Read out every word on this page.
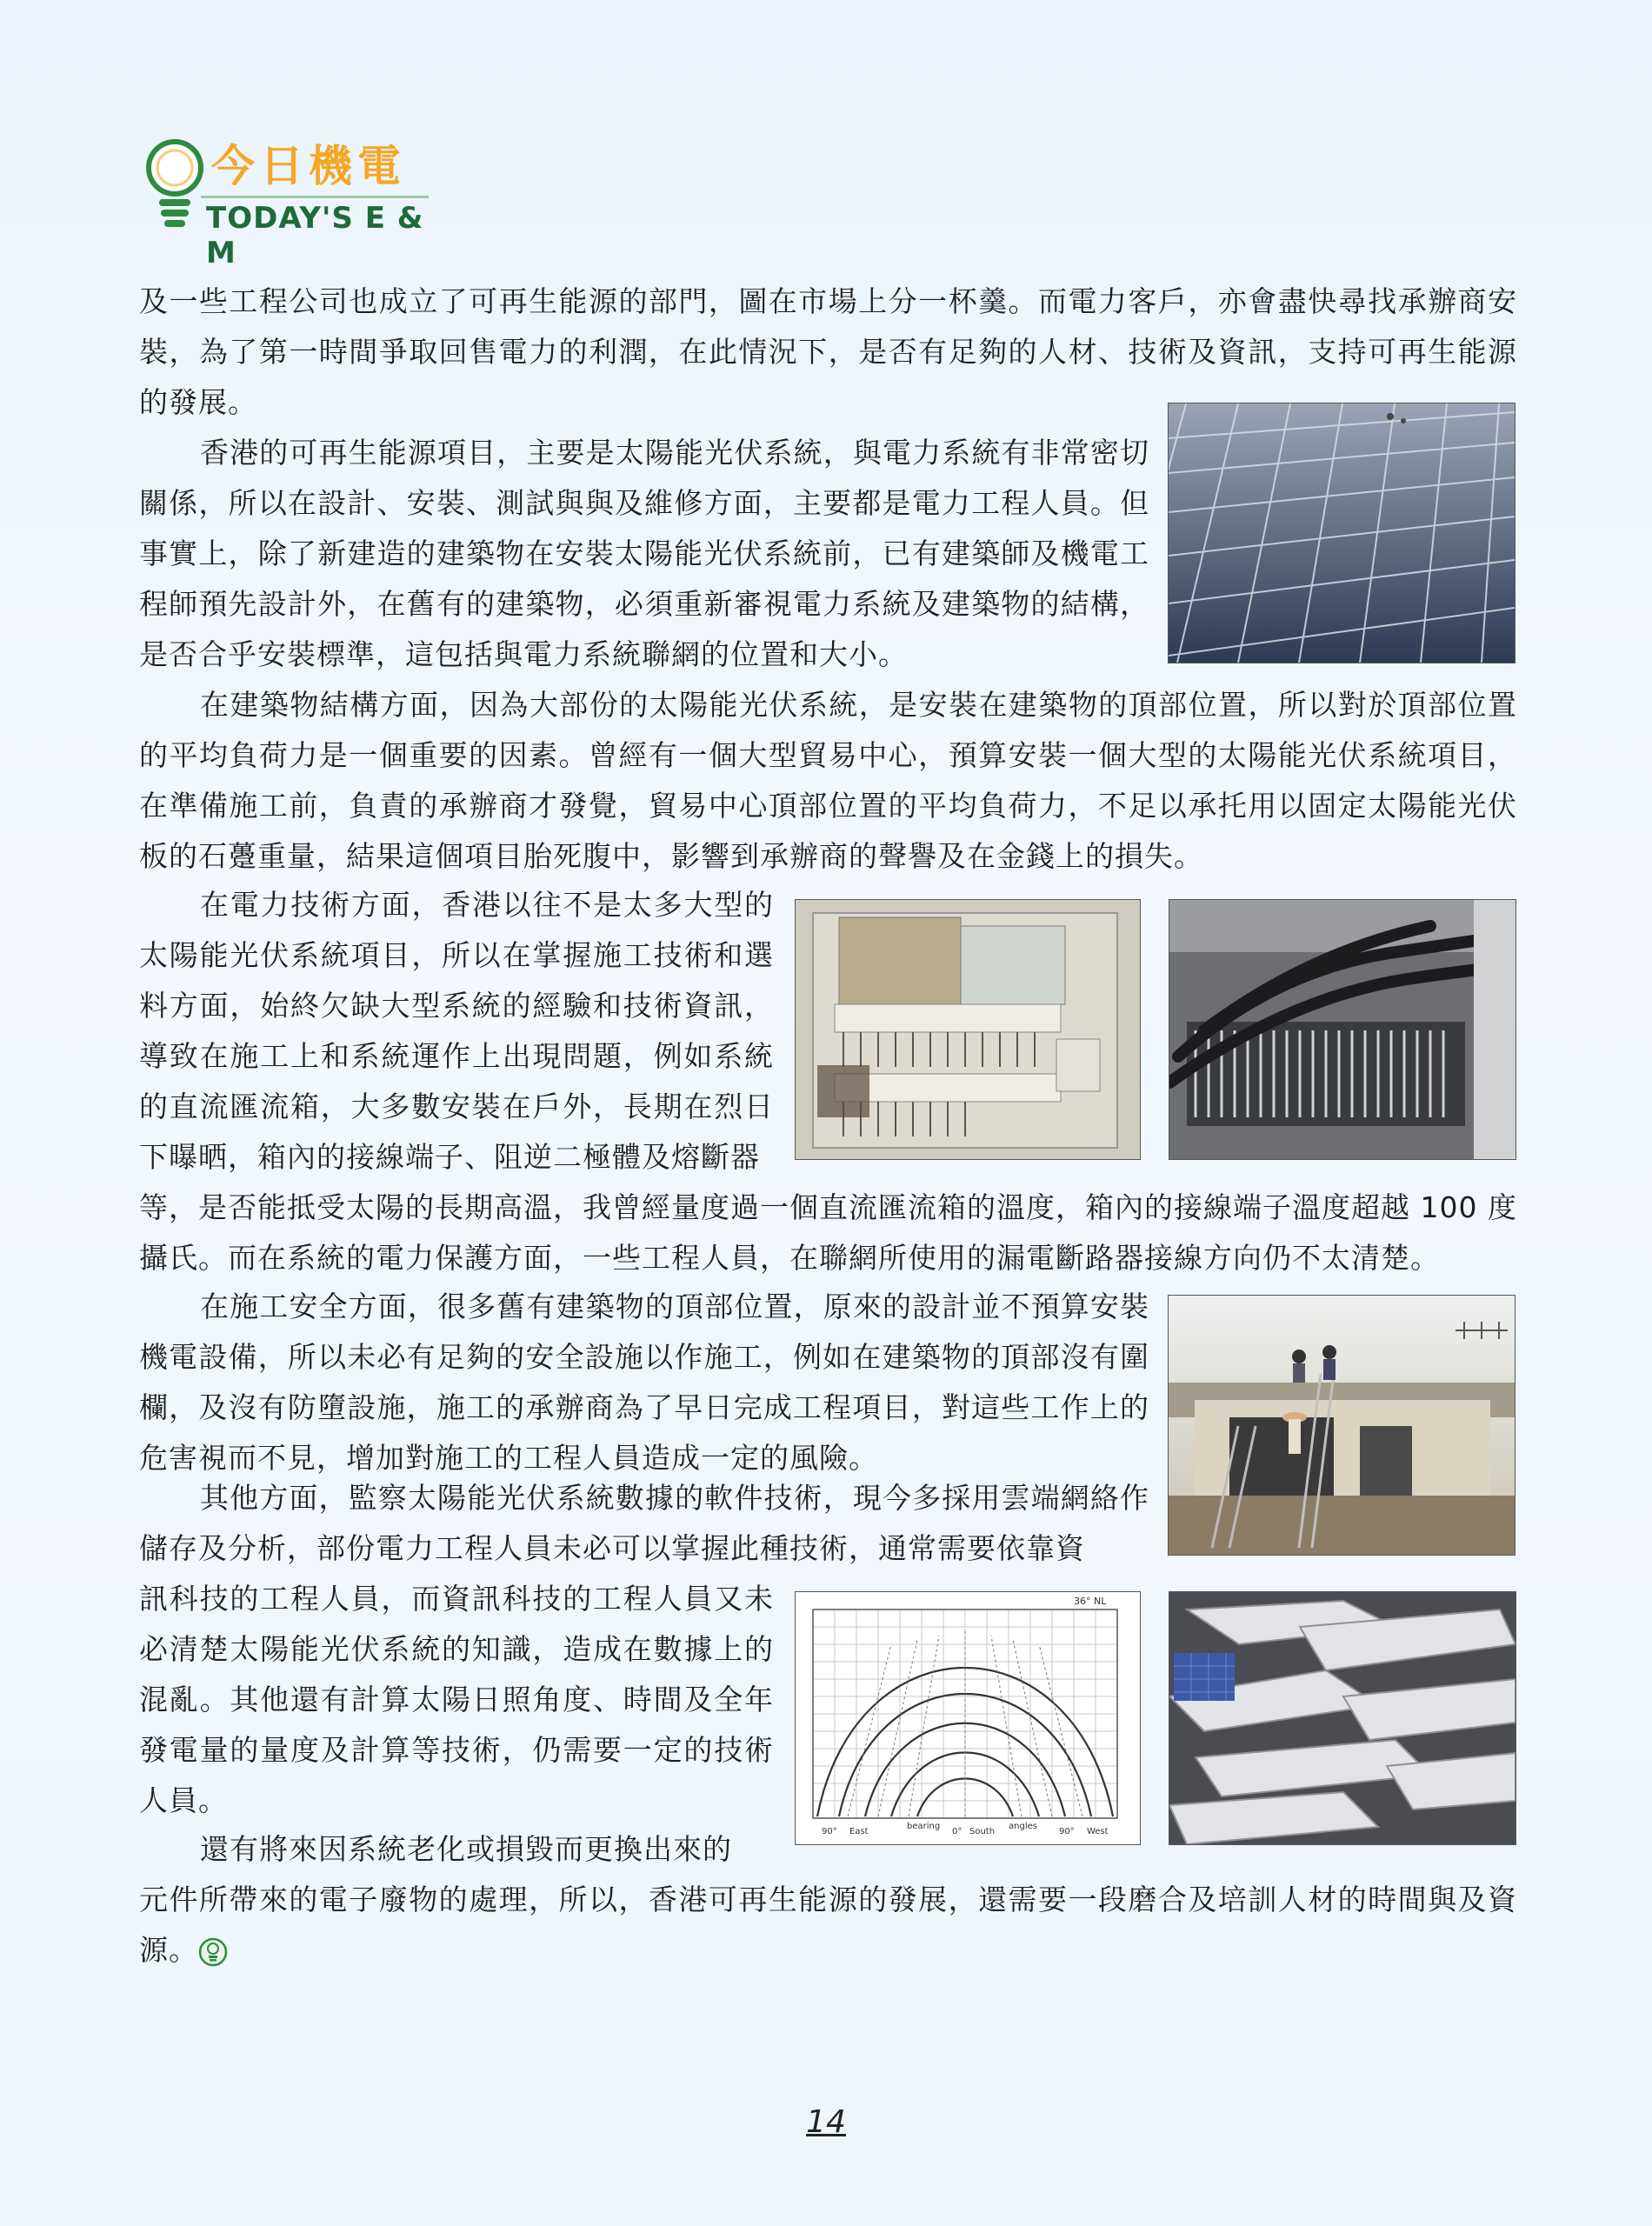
今日機電
TODAY'S E & M

及一些工程公司也成立了可再生能源的部門，圖在市場上分一杯羹。而電力客戶，亦會盡快尋找承辦商安裝，為了第一時間爭取回售電力的利潤，在此情況下，是否有足夠的人材、技術及資訊，支持可再生能源的發展。

香港的可再生能源項目，主要是太陽能光伏系統，與電力系統有非常密切關係，所以在設計、安裝、測試與與及維修方面，主要都是電力工程人員。但事實上，除了新建造的建築物在安裝太陽能光伏系統前，已有建築師及機電工程師預先設計外，在舊有的建築物，必須重新審視電力系統及建築物的結構，是否合乎安裝標準，這包括與電力系統聯網的位置和大小。

在建築物結構方面，因為大部份的太陽能光伏系統，是安裝在建築物的頂部位置，所以對於頂部位置的平均負荷力是一個重要的因素。曾經有一個大型貿易中心，預算安裝一個大型的太陽能光伏系統項目，在準備施工前，負責的承辦商才發覺，貿易中心頂部位置的平均負荷力，不足以承托用以固定太陽能光伏板的石躉重量，結果這個項目胎死腹中，影響到承辦商的聲譽及在金錢上的損失。

在電力技術方面，香港以往不是太多大型的太陽能光伏系統項目，所以在掌握施工技術和選料方面，始終欠缺大型系統的經驗和技術資訊，導致在施工上和系統運作上出現問題，例如系統的直流匯流箱，大多數安裝在戶外，長期在烈日下曝晒，箱內的接線端子、阻逆二極體及熔斷器

等，是否能抵受太陽的長期高溫，我曾經量度過一個直流匯流箱的溫度，箱內的接線端子溫度超越 100 度攝氏。而在系統的電力保護方面，一些工程人員，在聯網所使用的漏電斷路器接線方向仍不太清楚。

在施工安全方面，很多舊有建築物的頂部位置，原來的設計並不預算安裝機電設備，所以未必有足夠的安全設施以作施工，例如在建築物的頂部沒有圍欄，及沒有防墮設施，施工的承辦商為了早日完成工程項目，對這些工作上的危害視而不見，增加對施工的工程人員造成一定的風險。

其他方面，監察太陽能光伏系統數據的軟件技術，現今多採用雲端網絡作儲存及分析，部份電力工程人員未必可以掌握此種技術，通常需要依靠資

訊科技的工程人員，而資訊科技的工程人員又未必清楚太陽能光伏系統的知識，造成在數據上的混亂。其他還有計算太陽日照角度、時間及全年發電量的量度及計算等技術，仍需要一定的技術人員。

36° NL
90° East
bearing
0° South
angles
90° West

還有將來因系統老化或損毀而更換出來的

元件所帶來的電子廢物的處理，所以，香港可再生能源的發展，還需要一段磨合及培訓人材的時間與及資源。

14
